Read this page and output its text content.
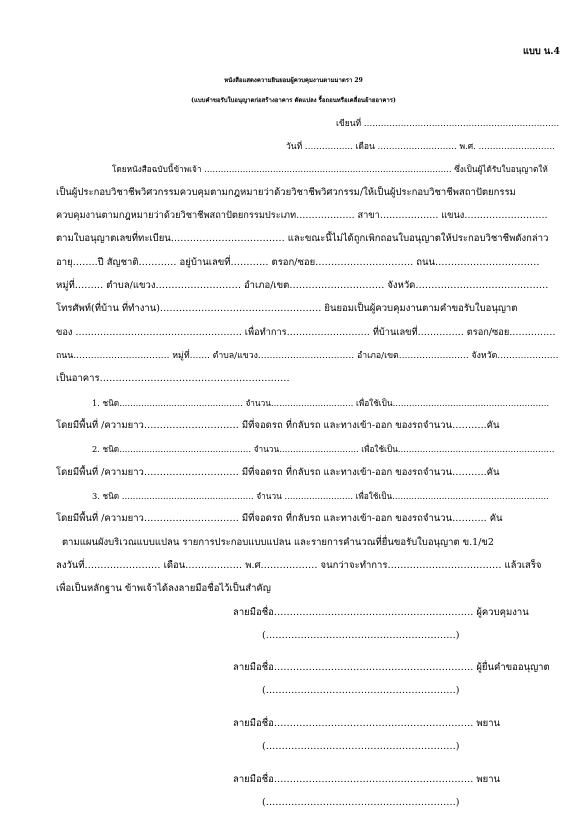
แบบ น.4
หนังสือแสดงความยินยอมผู้ควบคุมงานตามมาตรา 29
(แบบคำขอรับใบอนุญาตก่อสร้างอาคาร ดัดแปลง รื้อถอนหรือเคลื่อนย้ายอาคาร)
เขียนที่ ……………………………………………………………
วันที่ …………….. เดือน ………………………. พ.ศ. ………………………
โดยหนังสือฉบับนี้ข้าพเจ้า ……………………………………………………………………………… ซึ่งเป็นผู้ได้รับใบอนุญาตให้
เป็นผู้ประกอบวิชาชีพวิศวกรรมควบคุมตามกฎหมายว่าด้วยวิชาชีพวิศวกรรม/ให้เป็นผู้ประกอบวิชาชีพสถาปัตยกรรม
ควบคุมงานตามกฎหมายว่าด้วยวิชาชีพสถาปัตยกรรมประเภท………………. สาขา………………. แขนง………………………
ตามใบอนุญาตเลขที่ทะเบียน……………………………… และขณะนี้ไม่ได้ถูกเพิกถอนใบอนุญาตให้ประกอบวิชาชีพดังกล่าว
อายุ……..ปี สัญชาติ………… อยู่บ้านเลขที่………… ตรอก/ซอย…………………………. ถนน……………………………
หมู่ที่……… ตำบล/แขวง……………………… อำเภอ/เขต………………………… จังหวัด……………………………………
โทรศัพท์(ที่บ้าน ที่ทำงาน)…………………………………………… ยินยอมเป็นผู้ควบคุมงานตามคำขอรับใบอนุญาต
ของ ……………………………………………… เพื่อทำการ……………………… ที่บ้านเลขที่…………… ตรอก/ซอย……………
ถนน…………………………… หมู่ที่……. ตำบล/แขวง…………………………… อำเภอ/เขต…………………… จังหวัด…………………
เป็นอาคาร……………………………………………………
1. ชนิด……………………………………… จำนวน………………………… เพื่อใช้เป็น…………………………………………………
โดยมีพื้นที่ /ความยาว………………………… มีที่จอดรถ ที่กลับรถ และทางเข้า-ออก ของรถจำนวน………..คัน
2. ชนิด………………………………………… จำนวน……………………….. เพื่อใช้เป็น…………………………………………………
โดยมีพื้นที่ /ความยาว………………………… มีที่จอดรถ ที่กลับรถ และทางเข้า-ออก ของรถจำนวน………..คัน
3. ชนิด ………………………………………… จำนวน ……………………. เพื่อใช้เป็น…………………………………………………
โดยมีพื้นที่ /ความยาว………………………… มีที่จอดรถ ที่กลับรถ และทางเข้า-ออก ของรถจำนวน……….. คัน
ตามแผนผังบริเวณแบบแปลน รายการประกอบแบบแปลน และรายการคำนวณที่ยื่นขอรับใบอนุญาต ข.1/ข2
ลงวันที่…………………… เดือน……………… พ.ศ……………… จนกว่าจะทำการ……………………………… แล้วเสร็จ
เพื่อเป็นหลักฐาน ข้าพเจ้าได้ลงลายมือชื่อไว้เป็นสำคัญ
ลายมือชื่อ……………………………………………………… ผู้ควบคุมงาน
(……………………………………………………)
ลายมือชื่อ……………………………………………………… ผู้ยื่นคำขออนุญาต
(……………………………………………………)
ลายมือชื่อ……………………………………………………… พยาน
(……………………………………………………)
ลายมือชื่อ……………………………………………………… พยาน
(……………………………………………………)
